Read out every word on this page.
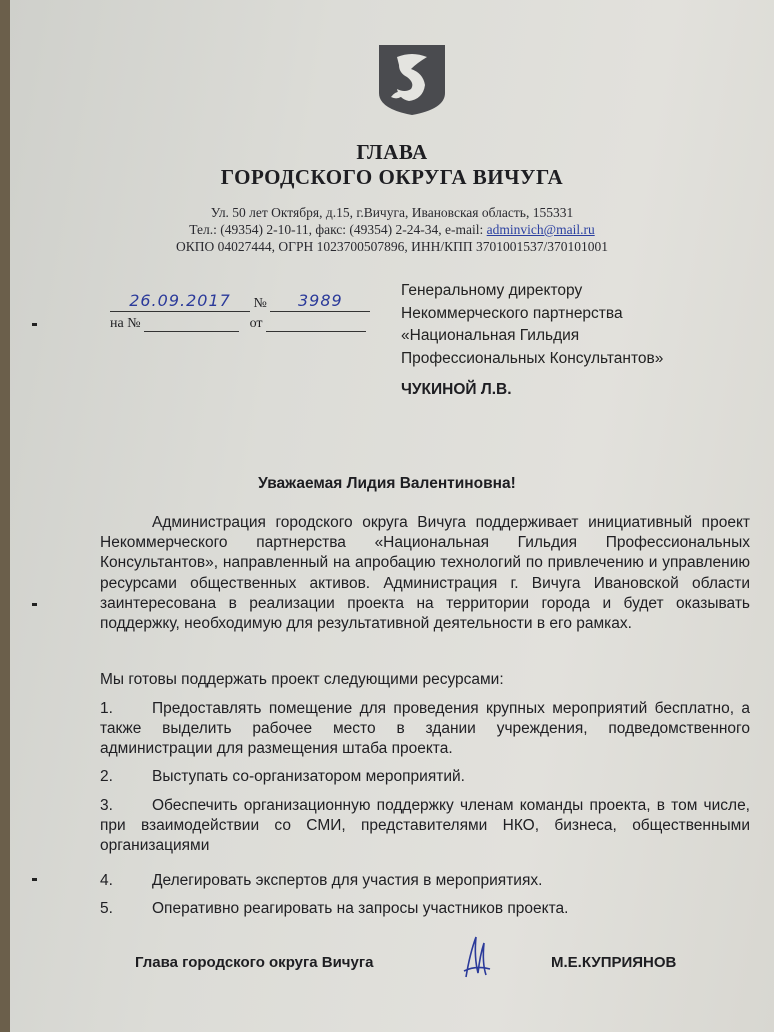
ГЛАВА
ГОРОДСКОГО ОКРУГА ВИЧУГА
Ул. 50 лет Октября, д.15, г.Вичуга, Ивановская область, 155331
Тел.: (49354) 2-10-11, факс: (49354) 2-24-34, e-mail: adminvich@mail.ru
ОКПО 04027444, ОГРН 1023700507896, ИНН/КПП 3701001537/370101001
26.09.2017 № 3989
на №	от
Генеральному директору
Некоммерческого партнерства
«Национальная Гильдия
Профессиональных Консультантов»
ЧУКИНОЙ Л.В.
Уважаемая Лидия Валентиновна!
Администрация городского округа Вичуга поддерживает инициативный проект Некоммерческого партнерства «Национальная Гильдия Профессиональных Консультантов», направленный на апробацию технологий по привлечению и управлению ресурсами общественных активов. Администрация г. Вичуга Ивановской области заинтересована в реализации проекта на территории города и будет оказывать поддержку, необходимую для результативной деятельности в его рамках.
Мы готовы поддержать проект следующими ресурсами:
1.	Предоставлять помещение для проведения крупных мероприятий бесплатно, а также выделить рабочее место в здании учреждения, подведомственного администрации для размещения штаба проекта.
2.	Выступать со-организатором мероприятий.
3.	Обеспечить организационную поддержку членам команды проекта, в том числе, при взаимодействии со СМИ, представителями НКО, бизнеса, общественными организациями
4.	Делегировать экспертов для участия в мероприятиях.
5.	Оперативно реагировать на запросы участников проекта.
Глава городского округа Вичуга	М.Е.КУПРИЯНОВ
